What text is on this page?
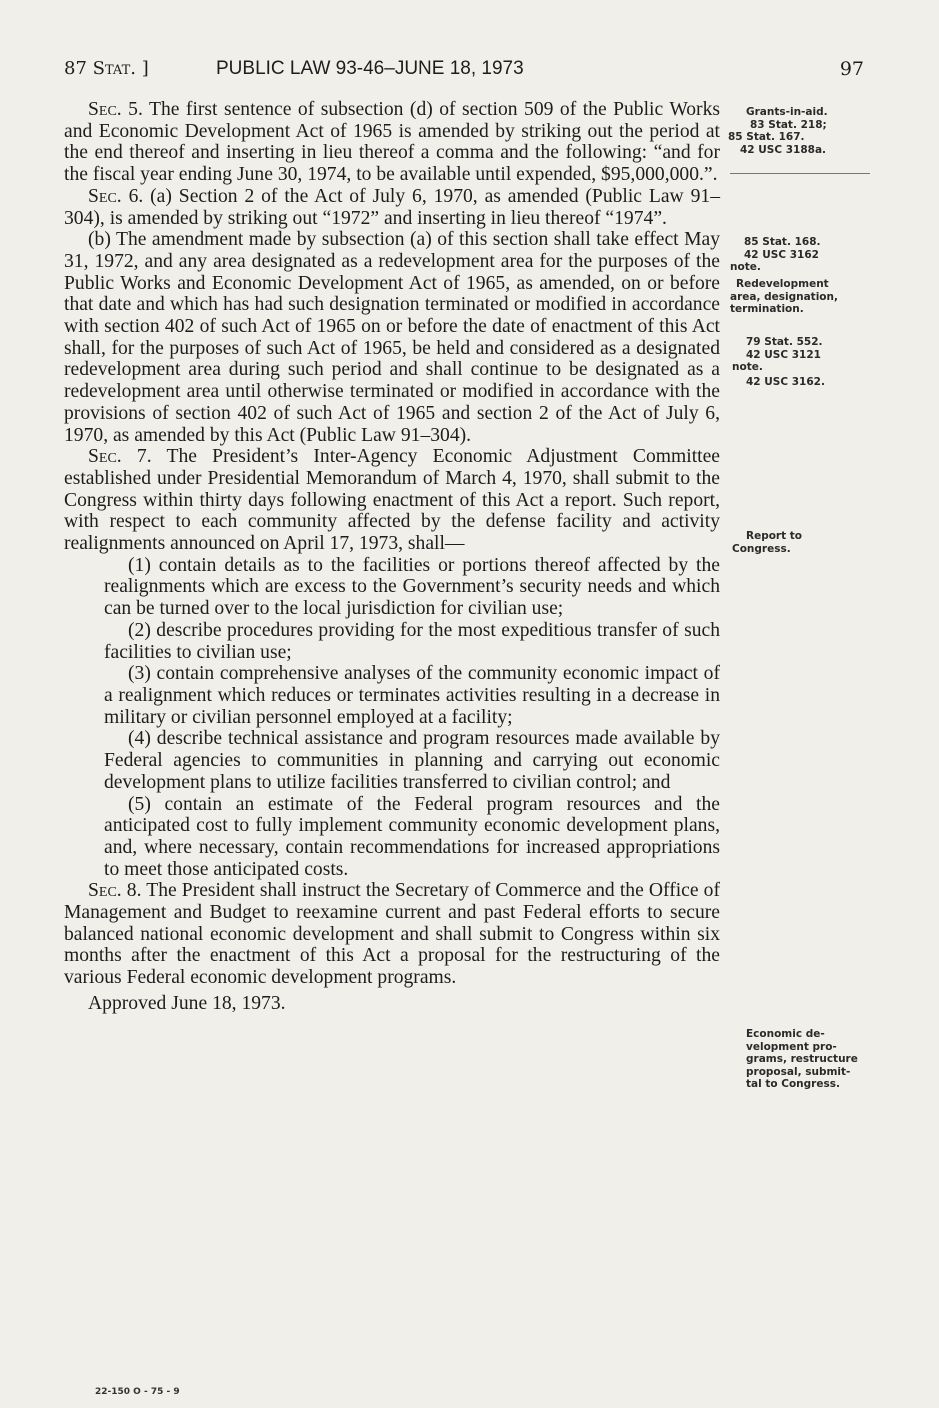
87 Stat. ]	PUBLIC LAW 93-46–JUNE 18, 1973	97

Sec. 5. The first sentence of subsection (d) of section 509 of the Public Works and Economic Development Act of 1965 is amended by striking out the period at the end thereof and inserting in lieu thereof a comma and the following: “and for the fiscal year ending June 30, 1974, to be available until expended, $95,000,000.”.

Sec. 6. (a) Section 2 of the Act of July 6, 1970, as amended (Public Law 91–304), is amended by striking out “1972” and inserting in lieu thereof “1974”.

(b) The amendment made by subsection (a) of this section shall take effect May 31, 1972, and any area designated as a redevelopment area for the purposes of the Public Works and Economic Development Act of 1965, as amended, on or before that date and which has had such designation terminated or modified in accordance with section 402 of such Act of 1965 on or before the date of enactment of this Act shall, for the purposes of such Act of 1965, be held and considered as a designated redevelopment area during such period and shall continue to be designated as a redevelopment area until otherwise terminated or modified in accordance with the provisions of section 402 of such Act of 1965 and section 2 of the Act of July 6, 1970, as amended by this Act (Public Law 91–304).

Sec. 7. The President’s Inter-Agency Economic Adjustment Committee established under Presidential Memorandum of March 4, 1970, shall submit to the Congress within thirty days following enactment of this Act a report. Such report, with respect to each community affected by the defense facility and activity realignments announced on April 17, 1973, shall—

(1) contain details as to the facilities or portions thereof affected by the realignments which are excess to the Government’s security needs and which can be turned over to the local jurisdiction for civilian use;

(2) describe procedures providing for the most expeditious transfer of such facilities to civilian use;

(3) contain comprehensive analyses of the community economic impact of a realignment which reduces or terminates activities resulting in a decrease in military or civilian personnel employed at a facility;

(4) describe technical assistance and program resources made available by Federal agencies to communities in planning and carrying out economic development plans to utilize facilities transferred to civilian control; and

(5) contain an estimate of the Federal program resources and the anticipated cost to fully implement community economic development plans, and, where necessary, contain recommendations for increased appropriations to meet those anticipated costs.

Sec. 8. The President shall instruct the Secretary of Commerce and the Office of Management and Budget to reexamine current and past Federal efforts to secure balanced national economic development and shall submit to Congress within six months after the enactment of this Act a proposal for the restructuring of the various Federal economic development programs.

Approved June 18, 1973.

Grants-in-aid.
83 Stat. 218;
85 Stat. 167.
42 USC 3188a.
85 Stat. 168.
42 USC 3162
note.
Redevelopment
area, designation,
termination.
79 Stat. 552.
42 USC 3121
note.
42 USC 3162.
Report to
Congress.
Economic de-
velopment pro-
grams, restructure
proposal, submit-
tal to Congress.
22-150 O - 75 - 9
